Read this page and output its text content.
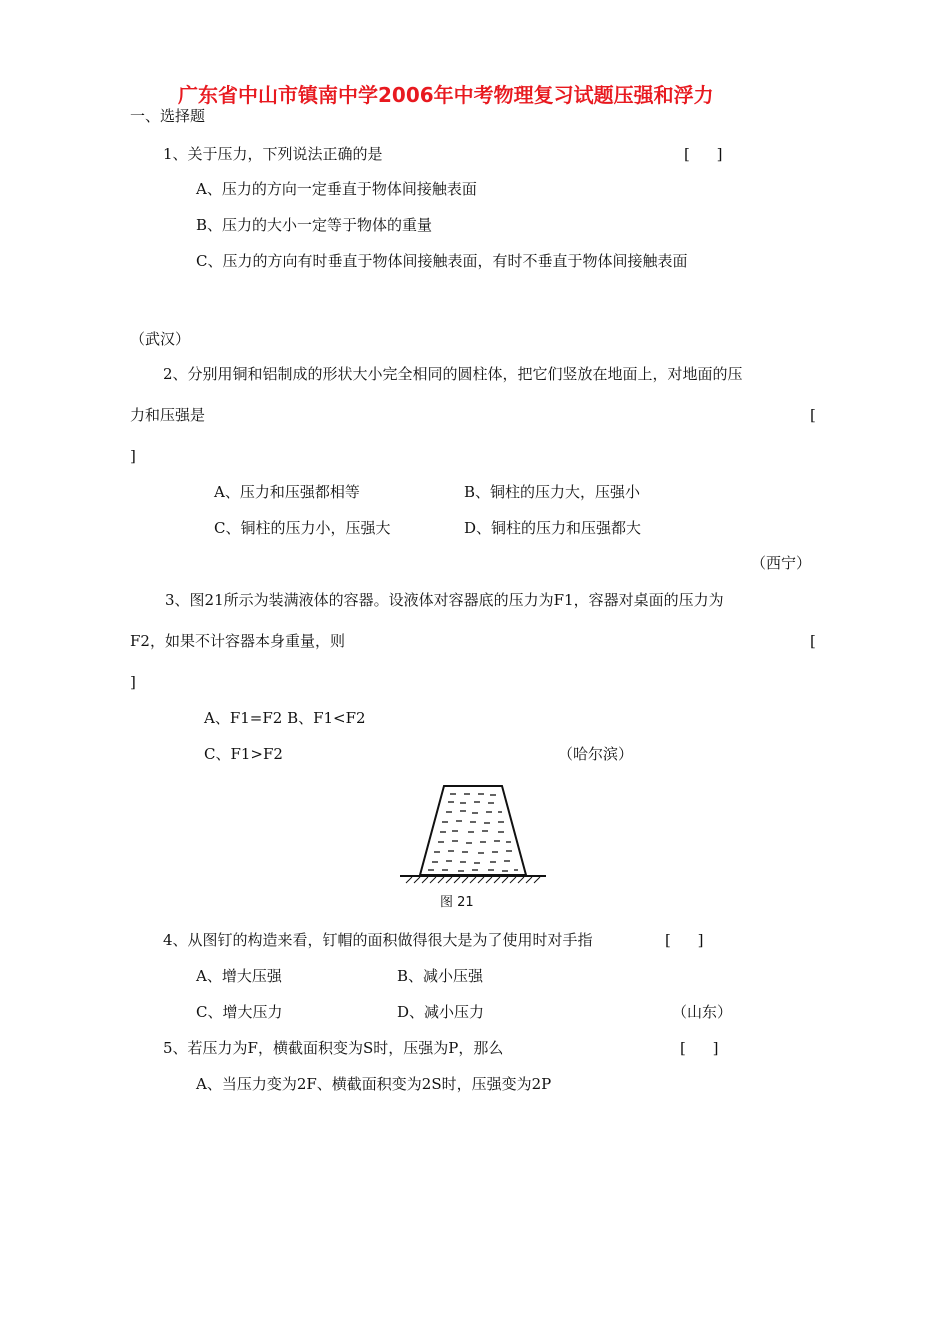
广东省中山市镇南中学2006年中考物理复习试题压强和浮力
一、选择题
1、关于压力，下列说法正确的是	[ ]
A、压力的方向一定垂直于物体间接触表面
B、压力的大小一定等于物体的重量
C、压力的方向有时垂直于物体间接触表面，有时不垂直于物体间接触表面
（武汉）
2、分别用铜和铝制成的形状大小完全相同的圆柱体，把它们竖放在地面上，对地面的压
力和压强是	[
]
A、压力和压强都相等	B、铜柱的压力大，压强小
C、铜柱的压力小，压强大	D、铜柱的压力和压强都大
（西宁）
3、图21所示为装满液体的容器。设液体对容器底的压力为F1，容器对桌面的压力为
F2，如果不计容器本身重量，则	[
]
A、F1=F2 B、F1<F2
C、F1>F2	（哈尔滨）
图 21
4、从图钉的构造来看，钉帽的面积做得很大是为了使用时对手指	[ ]
A、增大压强	B、减小压强
C、增大压力	D、减小压力	（山东）
5、若压力为F，横截面积变为S时，压强为P，那么	[ ]
A、当压力变为2F、横截面积变为2S时，压强变为2P
